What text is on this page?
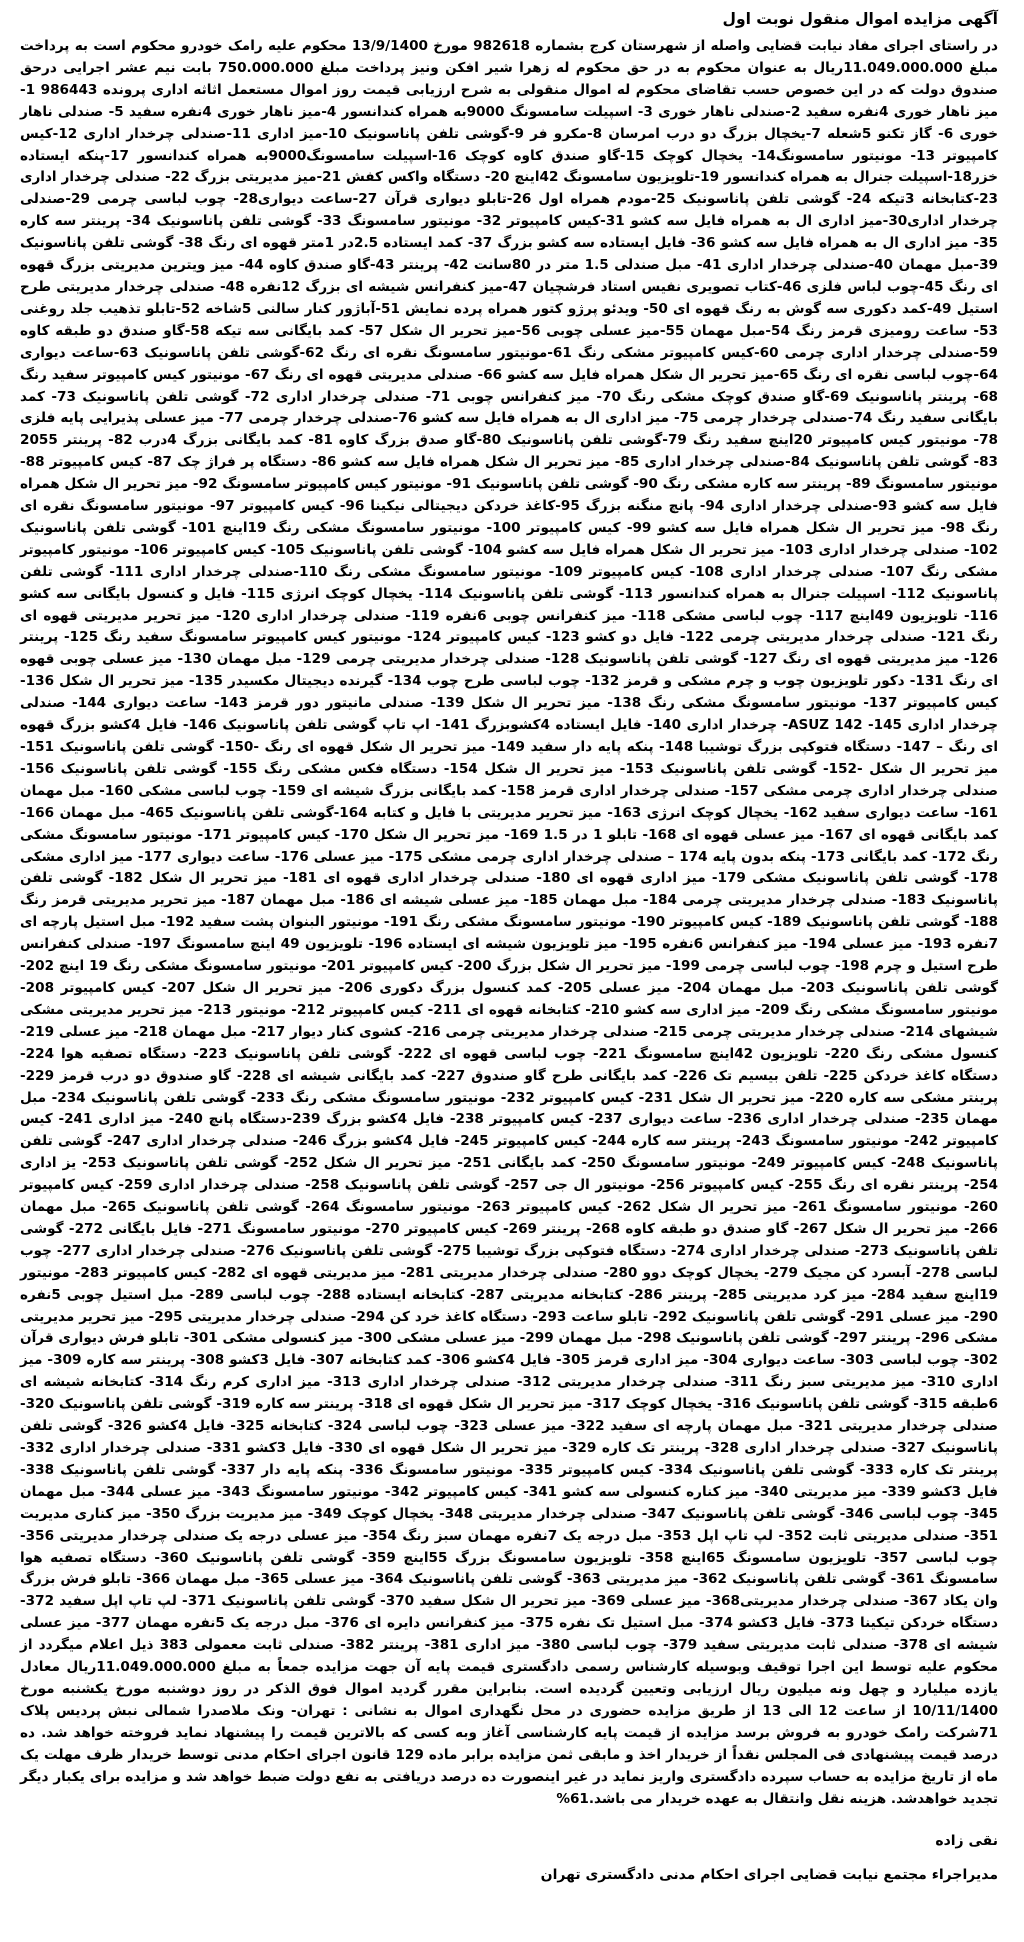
آگهی مزایده اموال منقول نوبت اول

در راستای اجرای مفاد نیابت قضایی واصله از شهرستان کرج بشماره 982618 مورخ 13/9/1400 محکوم علیه رامک خودرو محکوم است به پرداخت مبلغ 11.049.000.000ریال به عنوان محکوم به در حق محکوم له زهرا شیر افکن ونیز پرداخت مبلغ 750.000.000 بابت نیم عشر اجرایی درحق صندوق دولت که در این خصوص حسب تقاضای محکوم له اموال منقولی به شرح ارزیابی قیمت روز اموال مستعمل اثاثه اداری پرونده 986443 1- میز ناهار خوری 4نفره سفید 2-صندلی ناهار خوری 3- اسپیلت سامسونگ 9000به همراه کندانسور 4-میز ناهار خوری 4نفره سفید 5- صندلی ناهار خوری 6- گاز تکنو 5شعله 7-یخچال بزرگ دو درب امرسان 8-مکرو فر 9-گوشی تلفن پاناسونیک 10-میز اداری 11-صندلی چرخدار اداری 12-کیس کامپیوتر 13- مونیتور سامسونگ14- یخچال کوچک 15-گاو صندق کاوه کوچک 16-اسپیلت سامسونگ9000به همراه کندانسور 17-پنکه ایستاده خزر18-اسپیلت جنرال به همراه کندانسور 19-تلویزیون سامسونگ 42اینچ 20- دستگاه واکس کفش 21-میز مدیریتی بزرگ 22- صندلی چرخدار اداری 23-کتابخانه 3تیکه 24- گوشی تلفن پاناسونیک 25-مودم همراه اول 26-تابلو دیواری قرآن 27-ساعت دیواری28- چوب لباسی چرمی 29-صندلی چرخدار اداری30-میز اداری ال به همراه فایل سه کشو 31-کیس کامپیوتر 32- مونیتور سامسونگ 33- گوشی تلفن پاناسونیک 34- پرینتر سه کاره 35- میز اداری ال به همراه فایل سه کشو 36- فایل ایستاده سه کشو بزرگ 37- کمد ایستاده 2.5در 1متر قهوه ای رنگ 38- گوشی تلفن پاناسونیک 39-مبل مهمان 40-صندلی چرخدار اداری 41- مبل صندلی 1.5 متر در 80سانت 42- پرینتر 43-گاو صندق کاوه 44- میز ویترین مدیریتی بزرگ قهوه ای رنگ 45-چوب لباس فلزی 46-کتاب تصویری نفیس استاد فرشچیان 47-میز کنفرانس شیشه ای بزرگ 12نفره 48- صندلی چرخدار مدیریتی طرح استیل 49-کمد دکوری سه گوش به رنگ قهوه ای 50- ویدئو پرژو کتور همراه پرده نمایش 51-آباژور کنار سالنی 5شاخه 52-تابلو تذهیب جلد روغنی 53- ساعت رومیزی قرمز رنگ 54-مبل مهمان 55-میز عسلی چوبی 56-میز تحریر ال شکل 57- کمد بایگانی سه تیکه 58-گاو صندق دو طبقه کاوه 59-صندلی چرخدار اداری چرمی 60-کیس کامپیوتر مشکی رنگ 61-مونیتور سامسونگ نقره ای رنگ 62-گوشی تلفن پاناسونیک 63-ساعت دیواری 64-چوب لباسی نقره ای رنگ 65-میز تحریر ال شکل همراه فایل سه کشو 66- صندلی مدیریتی قهوه ای رنگ 67- مونیتور کیس کامپیوتر سفید رنگ 68- پرینتر پاناسونیک 69-گاو صندق کوچک مشکی رنگ 70- میز کنفرانس چوبی 71- صندلی چرخدار اداری 72- گوشی تلفن پاناسونیک 73- کمد بایگانی سفید رنگ 74-صندلی چرخدار چرمی 75- میز اداری ال به همراه فایل سه کشو 76-صندلی چرخدار چرمی 77- میز عسلی پذیرایی پایه فلزی 78- مونیتور کیس کامپیوتر 20اینچ سفید رنگ 79-گوشی تلفن پاناسونیک 80-گاو صدق بزرگ کاوه 81- کمد بایگانی بزرگ 4درب 82- پرینتر 2055 83- گوشی تلفن پاناسونیک 84-صندلی چرخدار اداری 85- میز تحریر ال شکل همراه فایل سه کشو 86- دستگاه پر فراژ چک 87- کیس کامپیوتر 88- مونیتور سامسونگ 89- پرینتر سه کاره مشکی رنگ 90- گوشی تلفن پاناسونیک 91- مونیتور کیس کامپیوتر سامسونگ 92- میز تحریر ال شکل همراه فایل سه کشو 93-صندلی چرخدار اداری 94- پانچ منگنه بزرگ 95-کاغذ خردکن دیجیتالی نیکینا 96- کیس کامپیوتر 97- مونیتور سامسونگ نقره ای رنگ 98- میز تحریر ال شکل همراه فایل سه کشو 99- کیس کامپیوتر 100- مونیتور سامسونگ مشکی رنگ 19اینچ 101- گوشی تلفن پاناسونیک 102- صندلی چرخدار اداری 103- میز تحریر ال شکل همراه فایل سه کشو 104- گوشی تلفن پاناسونیک 105- کیس کامپیوتر 106- مونیتور کامپیوتر مشکی رنگ 107- صندلی چرخدار اداری 108- کیس کامپیوتر 109- مونیتور سامسونگ مشکی رنگ 110-صندلی چرخدار اداری 111- گوشی تلفن پاناسونیک 112- اسپیلت جنرال به همراه کندانسور 113- گوشی تلفن پاناسونیک 114- یخچال کوچک انرژی 115- فایل و کنسول بایگانی سه کشو 116- تلویزیون 49اینچ 117- چوب لباسی مشکی 118- میز کنفرانس چوبی 6نفره 119- صندلی چرخدار اداری 120- میز تحریر مدیریتی قهوه ای رنگ 121- صندلی چرخدار مدیریتی چرمی 122- فایل دو کشو 123- کیس کامپیوتر 124- مونیتور کیس کامپیوتر سامسونگ سفید رنگ 125- پرینتر 126- میز مدیریتی قهوه ای رنگ 127- گوشی تلفن پاناسونیک 128- صندلی چرخدار مدیریتی چرمی 129- مبل مهمان 130- میز عسلی چوبی قهوه ای رنگ 131- دکور تلویزیون چوب و چرم مشکی و قرمز 132- چوب لباسی طرح چوب 134- گیرنده دیجیتال مکسیدر 135- میز تحریر ال شکل 136- کیس کامپیوتر 137- مونیتور سامسونگ مشکی رنگ 138- میز تحریر ال شکل 139- صندلی مانیتور دور قرمز 143- ساعت دیواری 144- صندلی چرخدار اداری 145- ASUZ 142- چرخدار اداری 140- فایل ایستاده 4کشوبزرگ 141- اپ تاپ گوشی تلفن پاناسونیک 146- فایل 4کشو بزرگ قهوه ای رنگ – 147- دستگاه فتوکپی بزرگ توشیبا 148- پنکه پایه دار سفید 149- میز تحریر ال شکل قهوه ای رنگ -150- گوشی تلفن پاناسونیک 151- میز تحریر ال شکل -152- گوشی تلفن پاناسونیک 153- میز تحریر ال شکل 154- دستگاه فکس مشکی رنگ 155- گوشی تلفن پاناسونیک 156- صندلی چرخدار اداری چرمی مشکی 157- صندلی چرخدار اداری قرمز 158- کمد بایگانی بزرگ شیشه ای 159- چوب لباسی مشکی 160- مبل مهمان 161- ساعت دیواری سفید 162- یخچال کوچک انرژی 163- میز تحریر مدیریتی با فایل و کتابه 164-گوشی تلفن پاناسونیک 465- مبل مهمان 166- کمد بایگانی قهوه ای 167- میز عسلی قهوه ای 168- تابلو 1 در 1.5 169- میز تحریر ال شکل 170- کیس کامپیوتر 171- مونیتور سامسونگ مشکی رنگ 172- کمد بایگانی 173- پنکه بدون پایه 174 – صندلی چرخدار اداری چرمی مشکی 175- میز عسلی 176- ساعت دیواری 177- میز اداری مشکی 178- گوشی تلفن پاناسونیک مشکی 179- میز اداری قهوه ای 180- صندلی چرخدار اداری قهوه ای 181- میز تحریر ال شکل 182- گوشی تلفن پاناسونیک 183- صندلی چرخدار مدیریتی چرمی 184- مبل مهمان 185- میز عسلی شیشه ای 186- مبل مهمان 187- میز تحریر مدیریتی قرمز رنگ 188- گوشی تلفن پاناسونیک 189- کیس کامپیوتر 190- مونیتور سامسونگ مشکی رنگ 191- مونیتور البنوان پشت سفید 192- مبل استیل پارچه ای 7نفره 193- میز عسلی 194- میز کنفرانس 6نفره 195- میز تلویزیون شیشه ای ایستاده 196- تلویزیون 49 اینچ سامسونگ 197- صندلی کنفرانس طرح استیل و چرم 198- چوب لباسی چرمی 199- میز تحریر ال شکل بزرگ 200- کیس کامپیوتر 201- مونیتور سامسونگ مشکی رنگ 19 اینچ 202- گوشی تلفن پاناسونیک 203- مبل مهمان 204- میز عسلی 205- کمد کنسول بزرگ دکوری 206- میز تحریر ال شکل 207- کیس کامپیوتر 208- مونیتور سامسونگ مشکی رنگ 209- میز اداری سه کشو 210- کتابخانه قهوه ای 211- کیس کامپیوتر 212- مونیتور 213- میز تحریر مدیریتی مشکی شیشهای 214- صندلی چرخدار مدیریتی چرمی 215- صندلی چرخدار مدیریتی چرمی 216- کشوی کنار دیوار 217- مبل مهمان 218- میز عسلی 219- کنسول مشکی رنگ 220- تلویزیون 42اینچ سامسونگ 221- چوب لباسی قهوه ای 222- گوشی تلفن پاناسونیک 223- دستگاه تصفیه هوا 224- دستگاه کاغذ خردکن 225- تلفن بیسیم تک 226- کمد بایگانی طرح گاو صندوق 227- کمد بایگانی شیشه ای 228- گاو صندوق دو درب قرمز 229- پرینتر مشکی سه کاره 220- میز تحریر ال شکل 231- کیس کامپیوتر 232- مونیتور سامسونگ مشکی رنگ 233- گوشی تلفن پاناسونیک 234- مبل مهمان 235- صندلی چرخدار اداری 236- ساعت دیواری 237- کیس کامپیوتر 238- فایل 4کشو بزرگ 239-دستگاه پانچ 240- میز اداری 241- کیس کامپیوتر 242- مونیتور سامسونگ 243- پرینتر سه کاره 244- کیس کامپیوتر 245- فایل 4کشو بزرگ 246- صندلی چرخدار اداری 247- گوشی تلفن پاناسونیک 248- کیس کامپیوتر 249- مونیتور سامسونگ 250- کمد بایگانی 251- میز تحریر ال شکل 252- گوشی تلفن پاناسونیک 253- یز اداری 254- پرینتر نقره ای رنگ 255- کیس کامپیوتر 256- مونیتور ال جی 257- گوشی تلفن پاناسونیک 258- صندلی چرخدار اداری 259- کیس کامپیوتر 260- مونیتور سامسونگ 261- میز تحریر ال شکل 262- کیس کامپیوتر 263- مونیتور سامسونگ 264- گوشی تلفن پاناسونیک 265- مبل مهمان 266- میز تحریر ال شکل 267- گاو صندق دو طبقه کاوه 268- پرینتر 269- کیس کامپیوتر 270- مونیتور سامسونگ 271- فایل بایگانی 272- گوشی تلفن پاناسونیک 273- صندلی چرخدار اداری 274- دستگاه فتوکپی بزرگ توشیبا 275- گوشی تلفن پاناسونیک 276- صندلی چرخدار اداری 277- چوب لباسی 278- آبسرد کن مجیک 279- یخچال کوچک دوو 280- صندلی چرخدار مدیریتی 281- میز مدیریتی قهوه ای 282- کیس کامپیوتر 283- مونیتور 19اینچ سفید 284- میز کرد مدیریتی 285- پرینتر 286- کتابخانه مدیریتی 287- کتابخانه ایستاده 288- چوب لباسی 289- مبل استیل چوبی 5نفره 290- میز عسلی 291- گوشی تلفن پاناسونیک 292- تابلو ساعت 293- دستگاه کاغذ خرد کن 294- صندلی چرخدار مدیریتی 295- میز تحریر مدیریتی مشکی 296- پرینتر 297- گوشی تلفن پاناسونیک 298- مبل مهمان 299- میز عسلی مشکی 300- میز کنسولی مشکی 301- تابلو فرش دیواری قرآن 302- چوب لباسی 303- ساعت دیواری 304- میز اداری قرمز 305- فایل 4کشو 306- کمد کتابخانه 307- فایل 3کشو 308- پرینتر سه کاره 309- میز اداری 310- میز مدیریتی سبز رنگ 311- صندلی چرخدار مدیریتی 312- صندلی چرخدار اداری 313- میز اداری کرم رنگ 314- کتابخانه شیشه ای 6طبقه 315- گوشی تلفن پاناسونیک 316- یخچال کوچک 317- میز تحریر ال شکل قهوه ای 318- پرینتر سه کاره 319- گوشی تلفن پاناسونیک 320- صندلی چرخدار مدیریتی 321- مبل مهمان پارچه ای سفید 322- میز عسلی 323- چوب لباسی 324- کتابخانه 325- فایل 4کشو 326- گوشی تلفن پاناسونیک 327- صندلی چرخدار اداری 328- پرینتر تک کاره 329- میز تحریر ال شکل قهوه ای 330- فایل 3کشو 331- صندلی چرخدار اداری 332- پرینتر تک کاره 333- گوشی تلفن پاناسونیک 334- کیس کامپیوتر 335- مونیتور سامسونگ 336- پنکه پایه دار 337- گوشی تلفن پاناسونیک 338- فایل 3کشو 339- میز مدیریتی 340- میز کناره کنسولی سه کشو 341- کیس کامپیوتر 342- مونیتور سامسونگ 343- میز عسلی 344- مبل مهمان 345- چوب لباسی 346- گوشی تلفن پاناسونیک 347- صندلی چرخدار مدیریتی 348- یخچال کوچک 349- میز مدیریت بزرگ 350- میز کناری مدیریت 351- صندلی مدیریتی ثابت 352- لپ تاپ اپل 353- مبل درجه یک 7نفره مهمان سبز رنگ 354- میز عسلی درجه یک صندلی چرخدار مدیریتی 356- چوب لباسی 357- تلویزیون سامسونگ 65اینچ 358- تلویزیون سامسونگ بزرگ 55اینچ 359- گوشی تلفن پاناسونیک 360- دستگاه تصفیه هوا سامسونگ 361- گوشی تلفن پاناسونیک 362- میز مدیریتی 363- گوشی تلفن پاناسونیک 364- میز عسلی 365- مبل مهمان 366- تابلو فرش بزرگ وان یکاد 367- صندلی چرخدار مدیریتی368- میز عسلی 369- میز تحریر ال شکل سفید 370- گوشی تلفن پاناسونیک 371- لپ تاپ اپل سفید 372- دستگاه خردکن تیکینا 373- فایل 3کشو 374- مبل استیل تک نفره 375- میز کنفرانس دایره ای 376- مبل درجه یک 5نفره مهمان 377- میز عسلی شیشه ای 378- صندلی ثابت مدیریتی سفید 379- چوب لباسی 380- میز اداری 381- پرینتر 382- صندلی ثابت معمولی 383 ذیل اعلام میگردد از محکوم علیه توسط این اجرا توقیف وبوسیله کارشناس رسمی دادگستری قیمت پایه آن جهت مزایده جمعاً به مبلغ 11.049.000.000ریال معادل یازده میلیارد و چهل ونه میلیون ریال ارزیابی وتعیین گردیده است. بنابراین مقرر گردید اموال فوق الذکر در روز دوشنبه مورخ یکشنبه مورخ 10/11/1400 از ساعت 12 الی 13 از طریق مزایده حضوری در محل نگهداری اموال به نشانی : تهران- ونک ملاصدرا شمالی نبش پردیس پلاک 71شرکت رامک خودرو به فروش برسد مزایده از قیمت پایه کارشناسی آغاز وبه کسی که بالاترین قیمت را پیشنهاد نماید فروخته خواهد شد. ده درصد قیمت پیشنهادی فی المجلس نقداً از خریدار اخذ و مابقی ثمن مزایده برابر ماده 129 قانون اجرای احکام مدنی توسط خریدار ظرف مهلت یک ماه از تاریخ مزایده به حساب سپرده دادگستری واریز نماید در غیر اینصورت ده درصد دریافتی به نفع دولت ضبط خواهد شد و مزایده برای یکبار دیگر تجدید خواهدشد. هزینه نقل وانتقال به عهده خریدار می باشد.61%

نقی زاده
مدیراجراء مجتمع نیابت قضایی اجرای احکام مدنی دادگستری تهران
